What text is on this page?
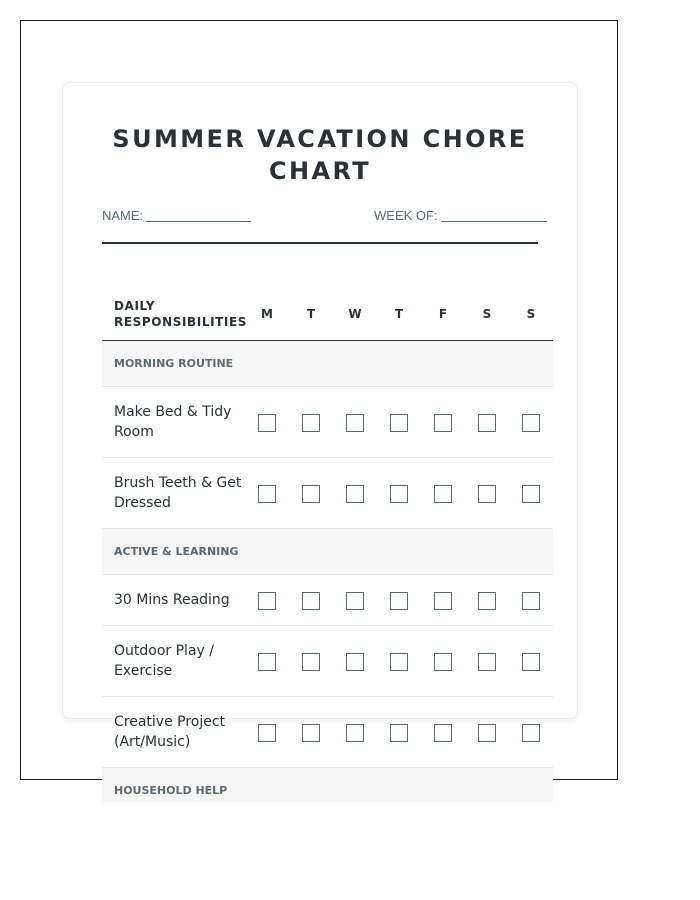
SUMMER VACATION CHORE CHART
NAME:	WEEK OF:
DAILY RESPONSIBILITIES	M	T	W	T	F	S	S
MORNING ROUTINE							
Make Bed & Tidy Room							
Brush Teeth & Get Dressed							
ACTIVE & LEARNING							
30 Mins Reading							
Outdoor Play / Exercise							
Creative Project (Art/Music)							
HOUSEHOLD HELP							
